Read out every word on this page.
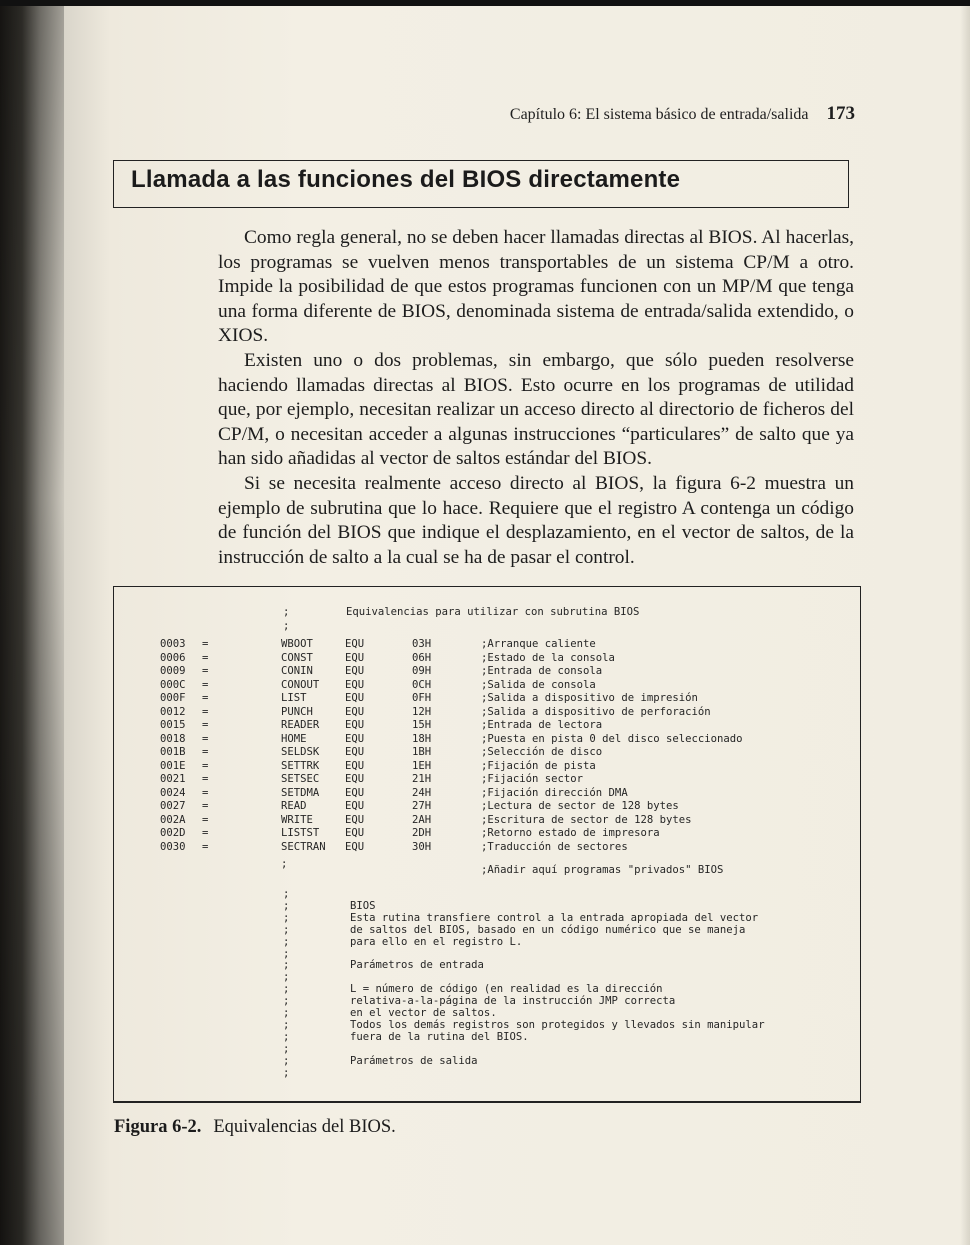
Capítulo 6: El sistema básico de entrada/salida 173
Llamada a las funciones del BIOS directamente

Como regla general, no se deben hacer llamadas directas al BIOS. Al hacerlas, los programas se vuelven menos transportables de un sistema CP/M a otro. Impide la posibilidad de que estos programas funcionen con un MP/M que tenga una forma diferente de BIOS, denominada sistema de entrada/salida extendido, o XIOS.

Existen uno o dos problemas, sin embargo, que sólo pueden resolverse haciendo llamadas directas al BIOS. Esto ocurre en los programas de utilidad que, por ejemplo, necesitan realizar un acceso directo al directorio de ficheros del CP/M, o necesitan acceder a algunas instrucciones “particulares” de salto que ya han sido añadidas al vector de saltos estándar del BIOS.

Si se necesita realmente acceso directo al BIOS, la figura 6-2 muestra un ejemplo de subrutina que lo hace. Requiere que el registro A contenga un código de función del BIOS que indique el desplazamiento, en el vector de saltos, de la instrucción de salto a la cual se ha de pasar el control.

;

	Equivalencias para utilizar con subrutina BIOS

;
0003 =	WBOOT	EQU	03H	;Arranque caliente
0006 =	CONST	EQU	06H	;Estado de la consola
0009 =	CONIN	EQU	09H	;Entrada de consola
000C =	CONOUT EQU	0CH	;Salida de consola
000F =	LIST	EQU	0FH	;Salida a dispositivo de impresión
0012 =	PUNCH	EQU	12H	;Salida a dispositivo de perforación
0015 =	READER EQU	15H	;Entrada de lectora
0018 =	HOME	EQU	18H	;Puesta en pista 0 del disco seleccionado
001B =	SELDSK EQU	1BH	;Selección de disco
001E =	SETTRK EQU	1EH	;Fijación de pista
0021 =	SETSEC EQU	21H	;Fijación sector
0024 =	SETDMA EQU	24H	;Fijación dirección DMA
0027 =	READ	EQU	27H	;Lectura de sector de 128 bytes
002A =	WRITE	EQU	2AH	;Escritura de sector de 128 bytes
002D =	LISTST EQU	2DH	;Retorno estado de impresora
0030 =	SECTRAN EQU	30H	;Traducción de sectores
;	;Añadir aquí programas "privados" BIOS
;
;	BIOS
;	Esta rutina transfiere control a la entrada apropiada del vector
;	de saltos del BIOS, basado en un código numérico que se maneja
;	para ello en el registro L.
;
;	Parámetros de entrada
;
;	L = número de código (en realidad es la dirección
;	relativa-a-la-página de la instrucción JMP correcta
;	en el vector de saltos.
;	Todos los demás registros son protegidos y llevados sin manipular
;	fuera de la rutina del BIOS.
;
;	Parámetros de salida
;
Figura 6-2. Equivalencias del BIOS.
